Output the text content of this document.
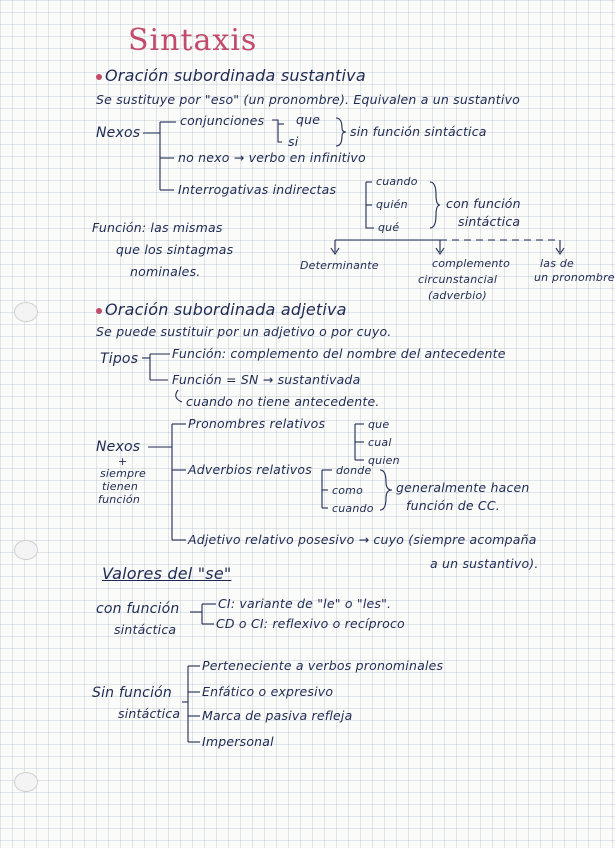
Sintaxis
Oración subordinada sustantiva
Se sustituye por "eso" (un pronombre). Equivalen a un sustantivo
Nexos
conjunciones	que
si
sin función sintáctica
no nexo → verbo en infinitivo
Interrogativas indirectas
cuando
quién
qué
con función
sintáctica
Función: las mismas
que los sintagmas
nominales.	Determinante	complemento
circunstancial
(adverbio)
las de
un pronombre
Oración subordinada adjetiva
Se puede sustituir por un adjetivo o por cuyo.
Tipos	Función: complemento del nombre del antecedente
Función = SN → sustantivada
cuando no tiene antecedente.
Nexos
+
siempre
tienen
función
Pronombres relativos	que
cual
quien
Adverbios relativos donde
como
cuando
generalmente hacen
función de CC.
Adjetivo relativo posesivo → cuyo (siempre acompaña
a un sustantivo).
Valores del "se"
con función
sintáctica
CI: variante de "le" o "les".
CD o CI: reflexivo o recíproco
Sin función
sintáctica
Perteneciente a verbos pronominales
Enfático o expresivo
Marca de pasiva refleja
Impersonal
